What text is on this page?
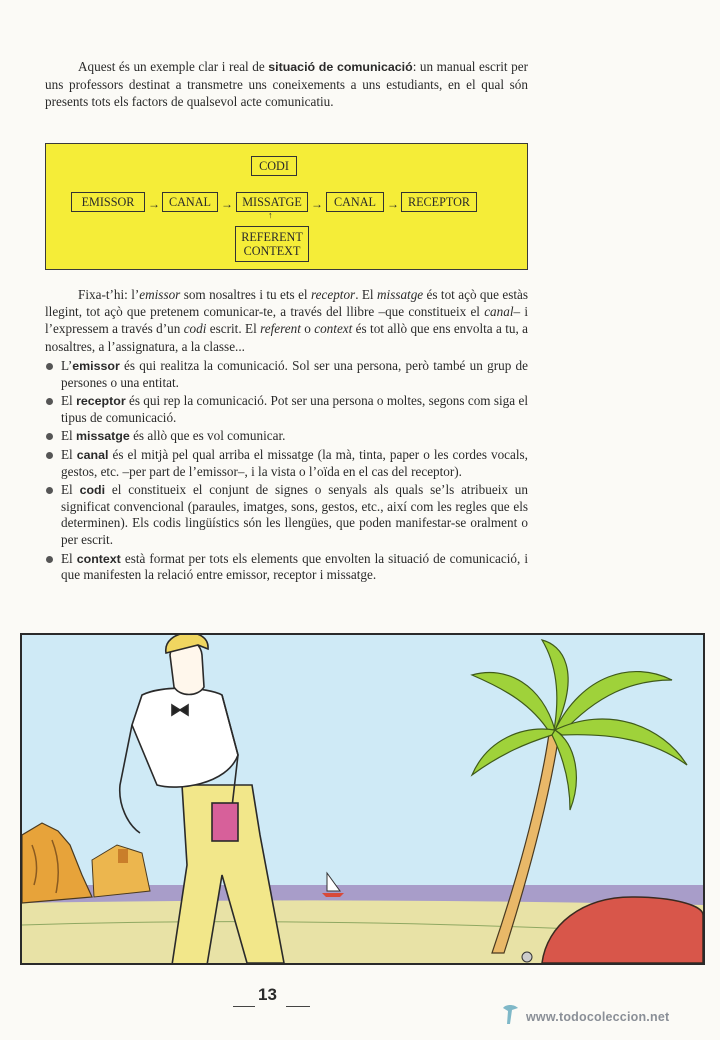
Aquest és un exemple clar i real de situació de comunicació: un manual escrit per uns professors destinat a transmetre uns coneixements a uns estudiants, en el qual són presents tots els factors de qualsevol acte comunicatiu.

CODI
EMISSOR	→ CANAL → MISSATGE → CANAL → RECEPTOR
↑
REFERENT
CONTEXT

Fixa-t’hi: l’emissor som nosaltres i tu ets el receptor. El missatge és tot açò que estàs llegint, tot açò que pretenem comunicar-te, a través del llibre –que constitueix el canal– i l’expressem a través d’un codi escrit. El referent o context és tot allò que ens envolta a tu, a nosaltres, a l’assignatura, a la classe...

L’emissor és qui realitza la comunicació. Sol ser una persona, però també un grup de persones o una entitat.
El receptor és qui rep la comunicació. Pot ser una persona o moltes, segons com siga el tipus de comunicació.
El missatge és allò que es vol comunicar.
El canal és el mitjà pel qual arriba el missatge (la mà, tinta, paper o les cordes vocals, gestos, etc. –per part de l’emissor–, i la vista o l’oïda en el cas del receptor).
El codi el constitueix el conjunt de signes o senyals als quals se’ls atribueix un significat convencional (paraules, imatges, sons, gestos, etc., així com les regles que els determinen). Els codis lingüístics són les llengües, que poden manifestar-se oralment o per escrit.
El context està format per tots els elements que envolten la situació de comunicació, i que manifesten la relació entre emissor, receptor i missatge.
13
www.todocoleccion.net
